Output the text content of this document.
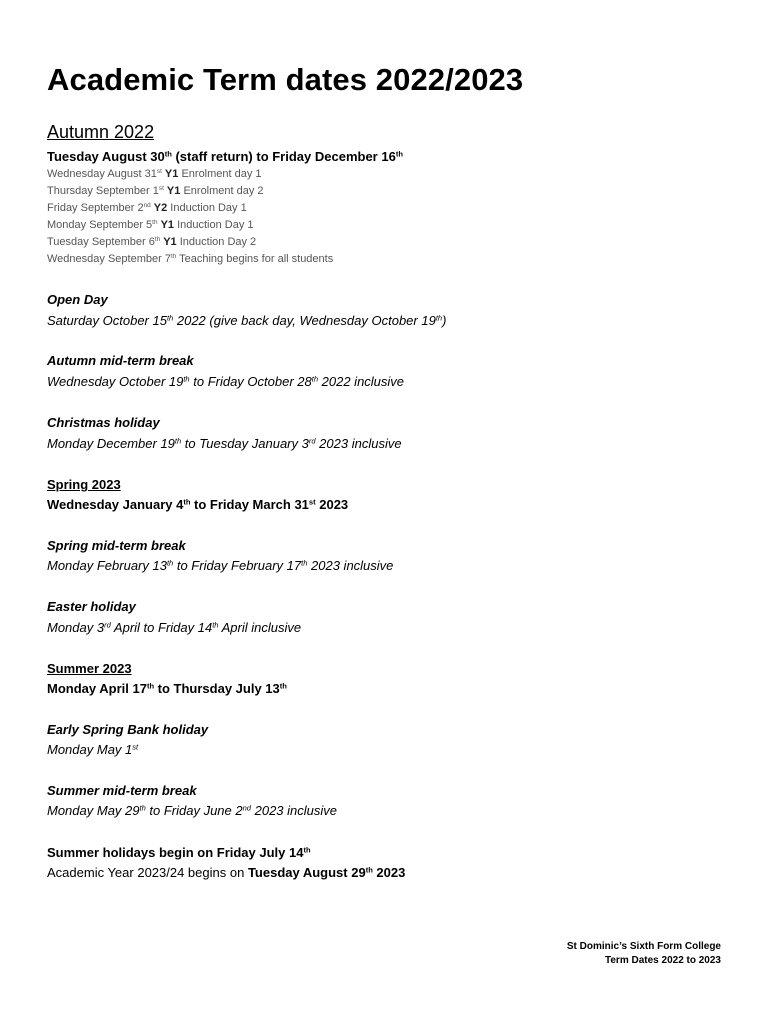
Academic Term dates 2022/2023
Autumn 2022
Tuesday August 30th (staff return) to Friday December 16th
Wednesday August 31st Y1 Enrolment day 1
Thursday September 1st Y1 Enrolment day 2
Friday September 2nd Y2 Induction Day 1
Monday September 5th Y1 Induction Day 1
Tuesday September 6th Y1 Induction Day 2
Wednesday September 7th Teaching begins for all students
Open Day
Saturday October 15th 2022 (give back day, Wednesday October 19th)
Autumn mid-term break
Wednesday October 19th to Friday October 28th 2022 inclusive
Christmas holiday
Monday December 19th to Tuesday January 3rd 2023 inclusive
Spring 2023
Wednesday January 4th to Friday March 31st 2023
Spring mid-term break
Monday February 13th to Friday February 17th 2023 inclusive
Easter holiday
Monday 3rd April to Friday 14th April inclusive
Summer 2023
Monday April 17th to Thursday July 13th
Early Spring Bank holiday
Monday May 1st
Summer mid-term break
Monday May 29th to Friday June 2nd 2023 inclusive
Summer holidays begin on Friday July 14th
Academic Year 2023/24 begins on Tuesday August 29th 2023
St Dominic’s Sixth Form College
Term Dates 2022 to 2023
